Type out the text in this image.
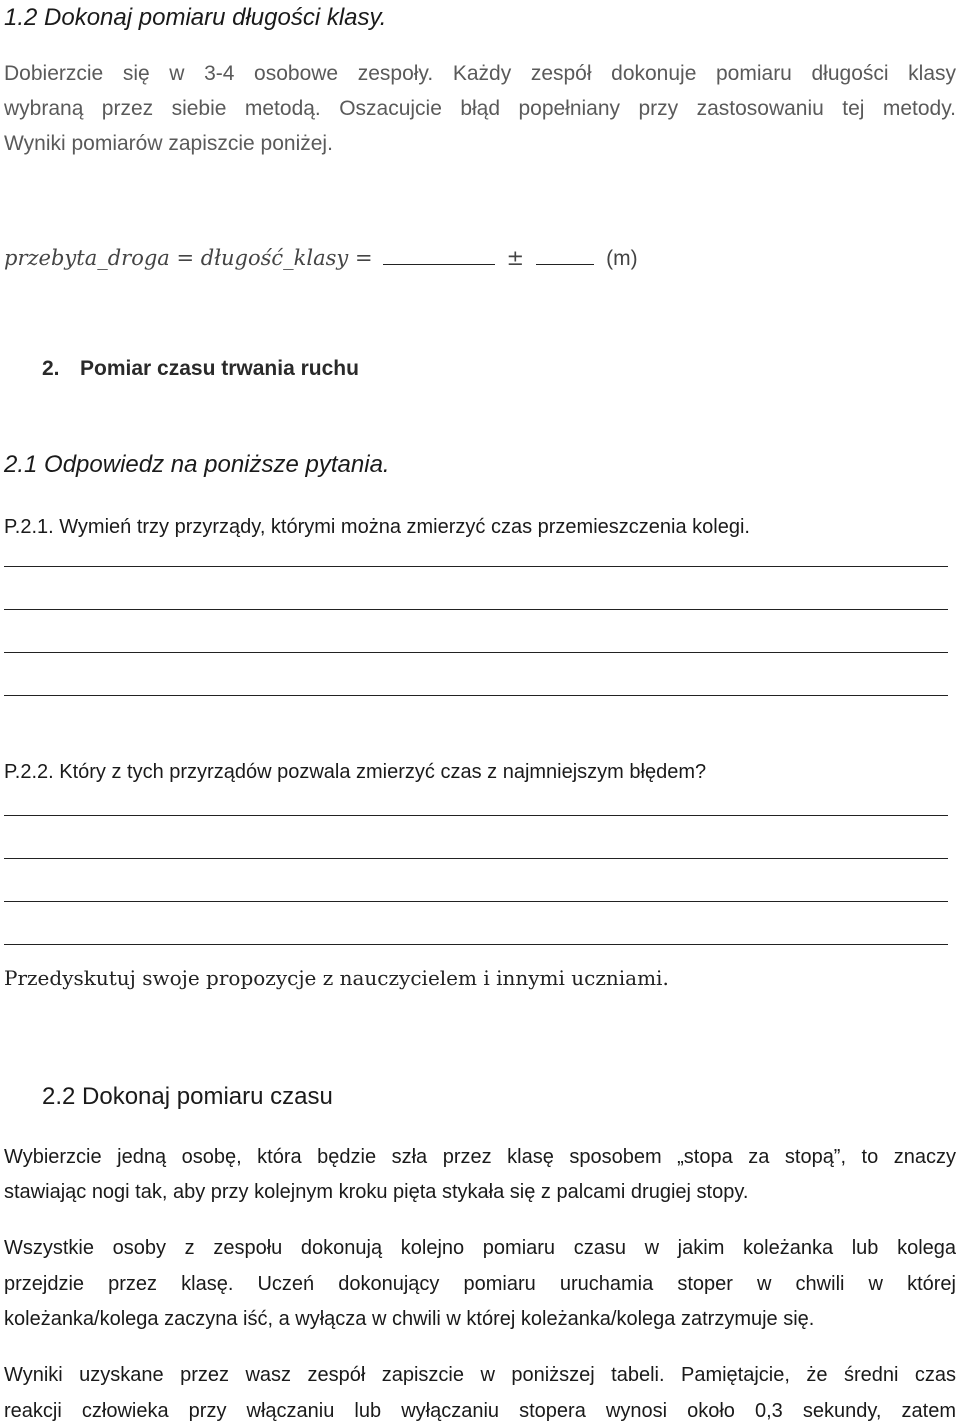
1.2 Dokonaj pomiaru długości klasy.
Dobierzcie się w 3-4 osobowe zespoły. Każdy zespół dokonuje pomiaru długości klasy
wybraną przez siebie metodą. Oszacujcie błąd popełniany przy zastosowaniu tej metody.
Wyniki pomiarów zapiszcie poniżej.
przebyta_droga = długość_klasy =	±	(m)
2. Pomiar czasu trwania ruchu
2.1 Odpowiedz na poniższe pytania.
P.2.1. Wymień trzy przyrządy, którymi można zmierzyć czas przemieszczenia kolegi.
P.2.2. Który z tych przyrządów pozwala zmierzyć czas z najmniejszym błędem?
Przedyskutuj swoje propozycje z nauczycielem i innymi uczniami.
2.2 Dokonaj pomiaru czasu
Wybierzcie jedną osobę, która będzie szła przez klasę sposobem „stopa za stopą”, to znaczy
stawiając nogi tak, aby przy kolejnym kroku pięta stykała się z palcami drugiej stopy.
Wszystkie osoby z zespołu dokonują kolejno pomiaru czasu w jakim koleżanka lub kolega
przejdzie przez klasę. Uczeń dokonujący pomiaru uruchamia stoper w chwili w której
koleżanka/kolega zaczyna iść, a wyłącza w chwili w której koleżanka/kolega zatrzymuje się.
Wyniki uzyskane przez wasz zespół zapiszcie w poniższej tabeli. Pamiętajcie, że średni czas
reakcji człowieka przy włączaniu lub wyłączaniu stopera wynosi około 0,3 sekundy, zatem
